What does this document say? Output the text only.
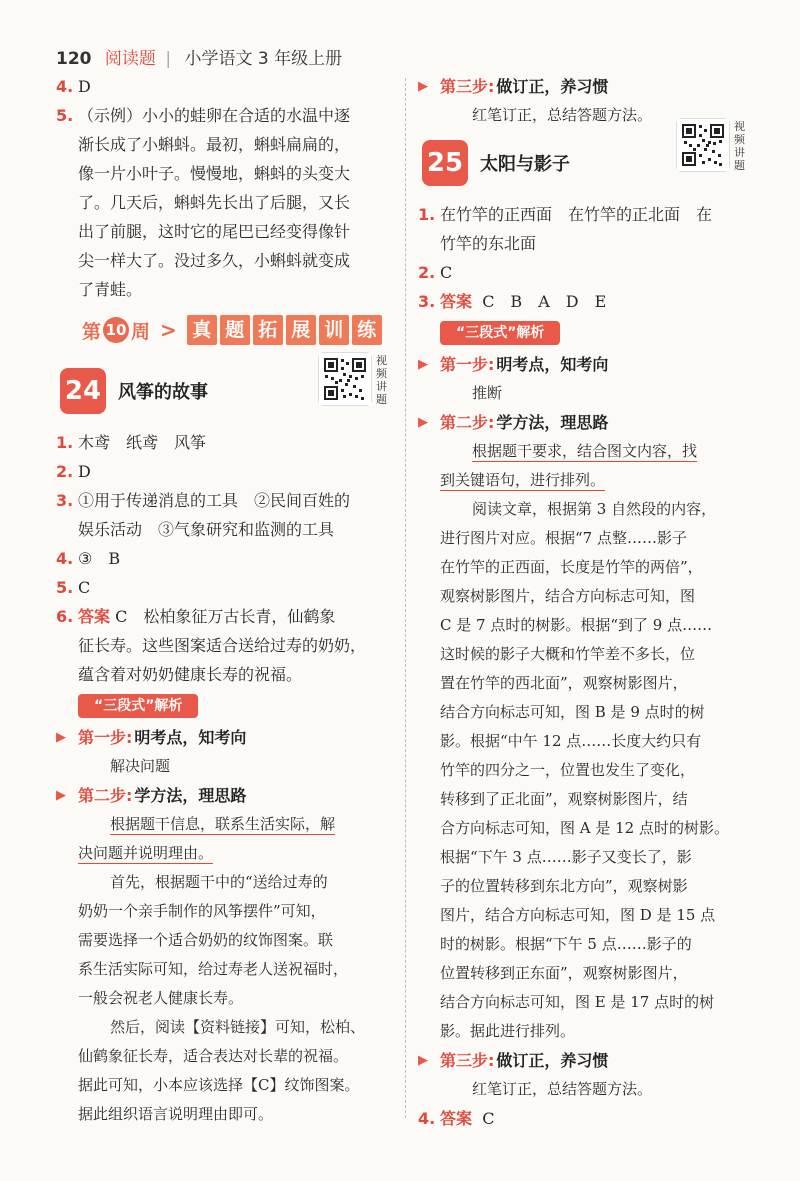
120 阅读题 | 小学语文 3 年级上册

4. D

5. （示例）小小的蛙卵在合适的水温中逐

渐长成了小蝌蚪。最初，蝌蚪扁扁的，

像一片小叶子。慢慢地，蝌蚪的头变大

了。几天后，蝌蚪先长出了后腿，又长

出了前腿，这时它的尾巴已经变得像针

尖一样大了。没过多久，小蝌蚪就变成

了青蛙。

第 10 周 > 真 题 拓 展 训 练
24 风筝的故事
视
频
讲
题

1. 木鸢　纸鸢　风筝

2. D

3. ①用于传递消息的工具　②民间百姓的

娱乐活动　③气象研究和监测的工具

4. ③　B

5. C

6. 答案 C　松柏象征万古长青，仙鹤象

征长寿。这些图案适合送给过寿的奶奶，

蕴含着对奶奶健康长寿的祝福。

“三段式”解析

▶ 第一步: 明考点，知考向

解决问题

▶ 第二步: 学方法，理思路

根据题干信息，联系生活实际，解

决问题并说明理由。

首先，根据题干中的“送给过寿的

奶奶一个亲手制作的风筝摆件”可知，

需要选择一个适合奶奶的纹饰图案。联

系生活实际可知，给过寿老人送祝福时，

一般会祝老人健康长寿。

然后，阅读【资料链接】可知，松柏、

仙鹤象征长寿，适合表达对长辈的祝福。

据此可知，小本应该选择【C】纹饰图案。

据此组织语言说明理由即可。

▶ 第三步: 做订正，养习惯

红笔订正，总结答题方法。

25 太阳与影子
视
频
讲
题

1. 在竹竿的正西面　在竹竿的正北面　在

竹竿的东北面

2. C

3. 答案 C　B　A　D　E

“三段式”解析

▶ 第一步: 明考点，知考向

推断

▶ 第二步: 学方法，理思路

根据题干要求，结合图文内容，找

到关键语句，进行排列。

阅读文章，根据第 3 自然段的内容，

进行图片对应。根据“7 点整……影子

在竹竿的正西面，长度是竹竿的两倍”，

观察树影图片，结合方向标志可知，图

C 是 7 点时的树影。根据“到了 9 点……

这时候的影子大概和竹竿差不多长，位

置在竹竿的西北面”，观察树影图片，

结合方向标志可知，图 B 是 9 点时的树

影。根据“中午 12 点……长度大约只有

竹竿的四分之一，位置也发生了变化，

转移到了正北面”，观察树影图片，结

合方向标志可知，图 A 是 12 点时的树影。

根据“下午 3 点……影子又变长了，影

子的位置转移到东北方向”，观察树影

图片，结合方向标志可知，图 D 是 15 点

时的树影。根据“下午 5 点……影子的

位置转移到正东面”，观察树影图片，

结合方向标志可知，图 E 是 17 点时的树

影。据此进行排列。

▶ 第三步: 做订正，养习惯

红笔订正，总结答题方法。

4. 答案 C
